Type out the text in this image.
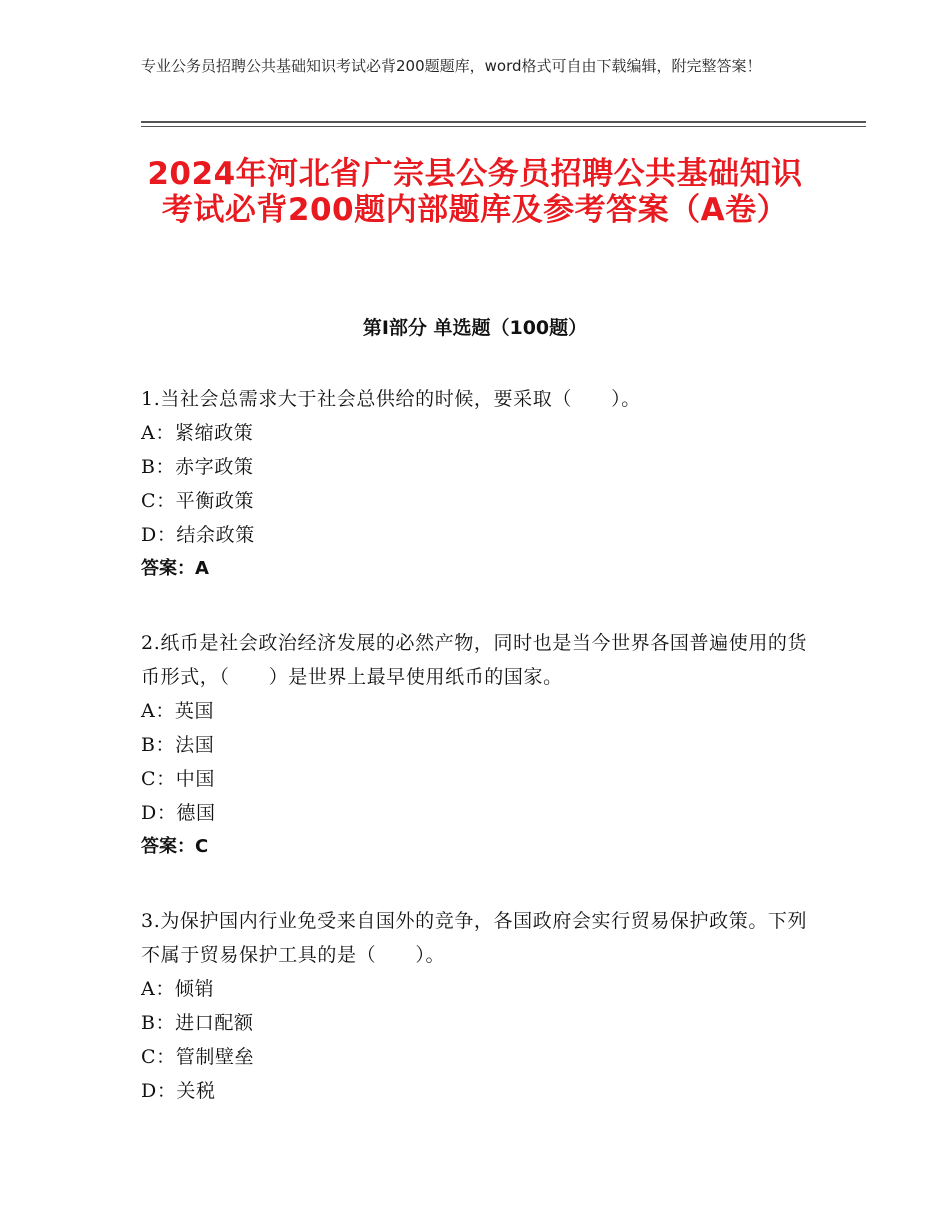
专业公务员招聘公共基础知识考试必背200题题库，word格式可自由下载编辑，附完整答案！
2024年河北省广宗县公务员招聘公共基础知识考试必背200题内部题库及参考答案（A卷）
第Ⅰ部分 单选题（100题）
1.当社会总需求大于社会总供给的时候，要采取（　　）。
A：紧缩政策
B：赤字政策
C：平衡政策
D：结余政策
答案：A
2.纸币是社会政治经济发展的必然产物，同时也是当今世界各国普遍使用的货币形式，（　　）是世界上最早使用纸币的国家。
A：英国
B：法国
C：中国
D：德国
答案：C
3.为保护国内行业免受来自国外的竞争，各国政府会实行贸易保护政策。下列不属于贸易保护工具的是（　　）。
A：倾销
B：进口配额
C：管制壁垒
D：关税
